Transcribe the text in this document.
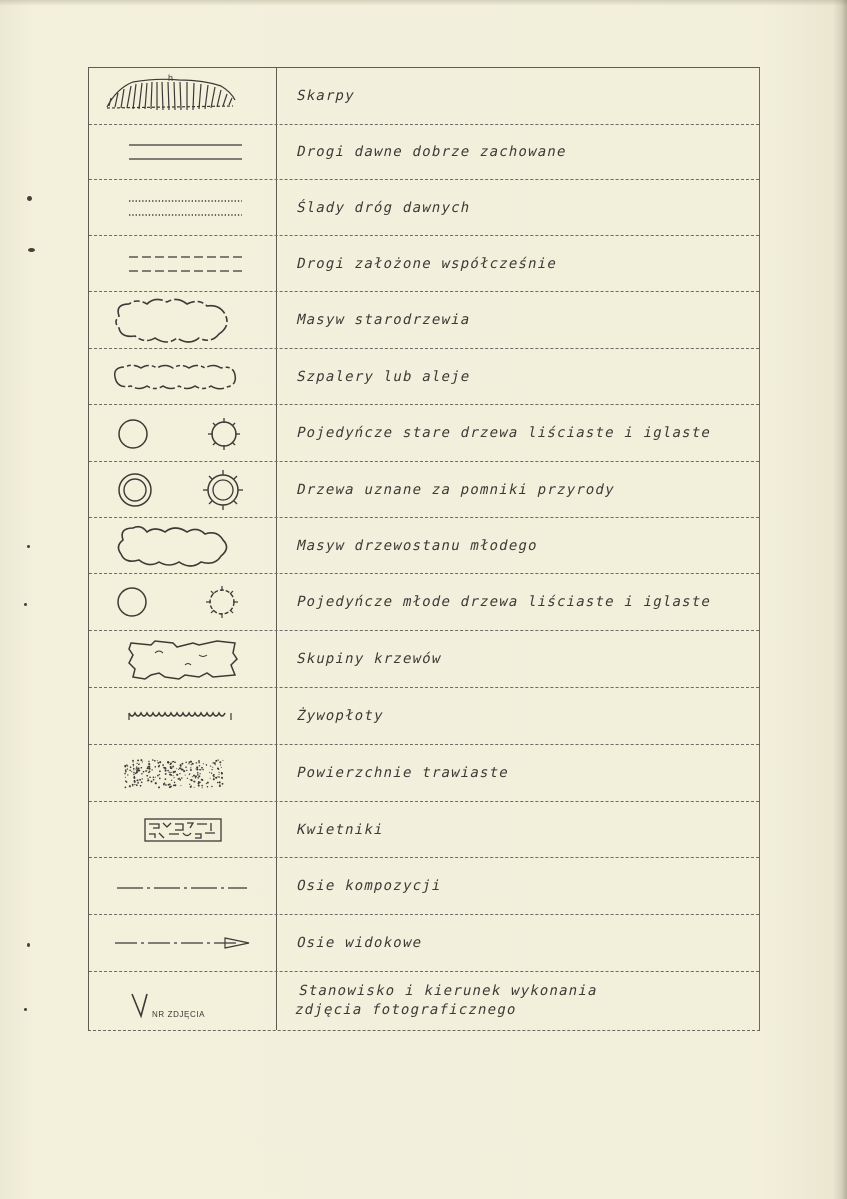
h
Skarpy
Drogi dawne dobrze zachowane
Ślady dróg dawnych
Drogi założone współcześnie
Masyw starodrzewia
Szpalery lub aleje
Pojedyńcze stare drzewa liściaste i iglaste
Drzewa uznane za pomniki przyrody
Masyw drzewostanu młodego
Pojedyńcze młode drzewa liściaste i iglaste
Skupiny krzewów
Żywopłoty
Powierzchnie trawiaste
Kwietniki
Osie kompozycji
Osie widokowe
NR ZDJĘCIA
Stanowisko i kierunek wykonania zdjęcia fotograficznego
